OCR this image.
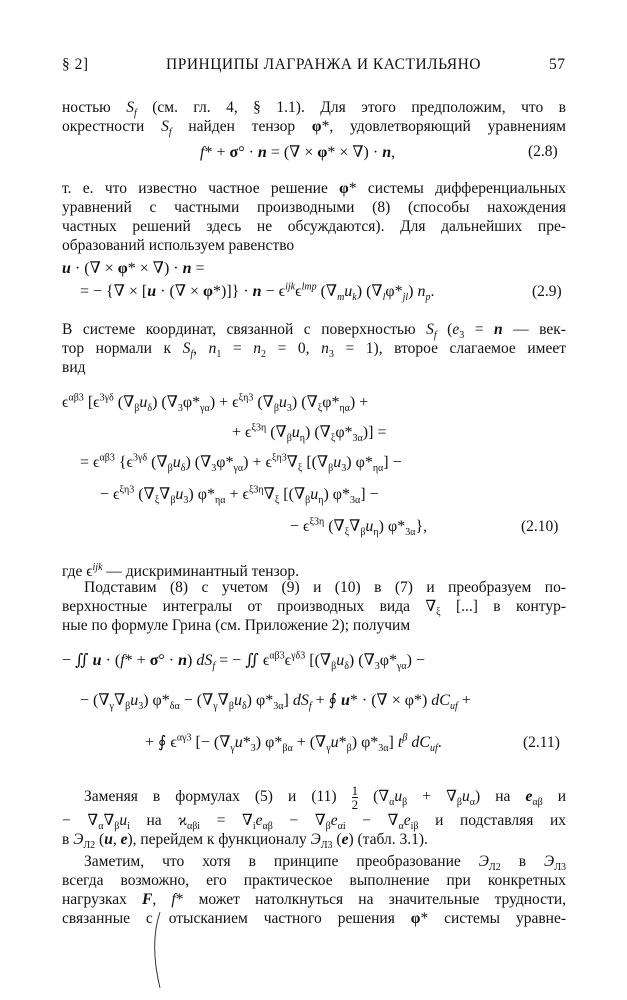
§ 2]	ПРИНЦИПЫ ЛАГРАНЖА И КАСТИЛЬЯНО	57
ностью $S_f$ (см. гл. 4, § 1.1). Для этого предположим, что в
окрестности $S_f$ найден тензор φ*, удовлетворяющий уравнениям
f* + σ° · n = (∇ × φ* × ∇) · n,	(2.8)
т. е. что известно частное решение φ* системы дифференциальных
уравнений с частными производными (8) (способы нахождения
частных решений здесь не обсуждаются). Для дальнейших пре-
образований используем равенство
u · (∇ × φ* × ∇) · n =
= − {∇ × [u · (∇ × $\varphi*)]\} \cdot n - \epsilon^{ijk}\epsilon^{lmp}$ $(\nabla_mu_k)$ $(\nabla_l\varphi*_{jl})$ $n_p$.	(2.9)
В системе координат, связанной с поверхностью $S_f$ ($e_3 = n$ — век-
тор нормали к $S_f$, $n_1 = n_2 = 0$, $n_3 = 1$), второе слагаемое имеет
вид
$\epsilon^{\alpha\beta 3}$ [$\epsilon^{3\gamma\delta}$ $(\nabla_\beta u_\delta) (\nabla_3\varphi*_{\gamma\alpha}) + \epsilon^{\xi\eta 3}$ $(\nabla_\beta u_3) (\nabla_\xi\varphi*_{\eta\alpha})$ +
+ $\epsilon^{\xi 3\eta}$ $(\nabla_\beta u_\eta) (\nabla_\xi\varphi*_{3\alpha})$] =
= $\epsilon^{\alpha\beta 3}$ {$\epsilon^{3\gamma\delta}$ $(\nabla_\beta u_\delta) (\nabla_3\varphi*_{\gamma\alpha}) + \epsilon^{\xi\eta 3}\nabla_\xi$ $[(\nabla_\beta u_3) \varphi*_{\eta\alpha}]$ −
− $\epsilon^{\xi\eta 3}$ $(\nabla_\xi\nabla_\beta u_3) \varphi*_{\eta\alpha} + \epsilon^{\xi 3\eta}\nabla_\xi$ $[(\nabla_\beta u_\eta) \varphi*_{3\alpha}]$ −
− $\epsilon^{\xi 3\eta}$ $(\nabla_\xi\nabla_\beta u_\eta)$ $\varphi*_{3\alpha}$},	(2.10)
где $\epsilon^{ijk}$ — дискриминантный тензор.
Подставим (8) с учетом (9) и (10) в (7) и преобразуем по-
верхностные интегралы от производных вида $\nabla_\xi$ [...] в контур-
ные по формуле Грина (см. Приложение 2); получим
− ∬ u · (f* + σ° · n) $dS_f$ = − ∬ $\epsilon^{\alpha\beta 3}\epsilon^{\gamma\delta 3}$ [$(\nabla_\beta u_\delta) (\nabla_3\varphi*_{\gamma\alpha})$ −
− $(\nabla_\gamma\nabla_\beta u_3) \varphi*_{\delta\alpha} - (\nabla_\gamma\nabla_\beta u_\delta)$ $\varphi*_{3\alpha}$] $dS_f$ + ∮ u* · (∇ × φ*) $dC_{uf}$ +
+ ∮ $\epsilon^{\alpha\gamma 3}$ [− $(\nabla_\gamma u*_3) \varphi*_{\beta\alpha} + (\nabla_\gamma u*_\beta)$ $\varphi*_{3\alpha}$] $t^\beta$ $dC_{uf}$.	(2.11)
Заменяя в формулах (5) и $(11) \frac{1}{2} (\nabla_\alpha u_\beta + \nabla_\beta u_\alpha)$ на $e_{\alpha\beta}$ и
− $\nabla_\alpha\nabla_\beta u_i$ на $ϰ_{\alpha\beta i} = \nabla_ie_{\alpha\beta} - \nabla_\beta e_{\alpha i} - \nabla_\alpha e_{i\beta}$ и подставляя их
в $Э_{Л2}$ (u, e), перейдем к функционалу $Э_{Л3}$ (e) (табл. 3.1).
Заметим, что хотя в принципе преобразование $Э_{Л2}$ в $Э_{Л3}$
всегда возможно, его практическое выполнение при конкретных
нагрузках F, f* может натолкнуться на значительные трудности,
связанные с отысканием частного решения φ* системы уравне-
